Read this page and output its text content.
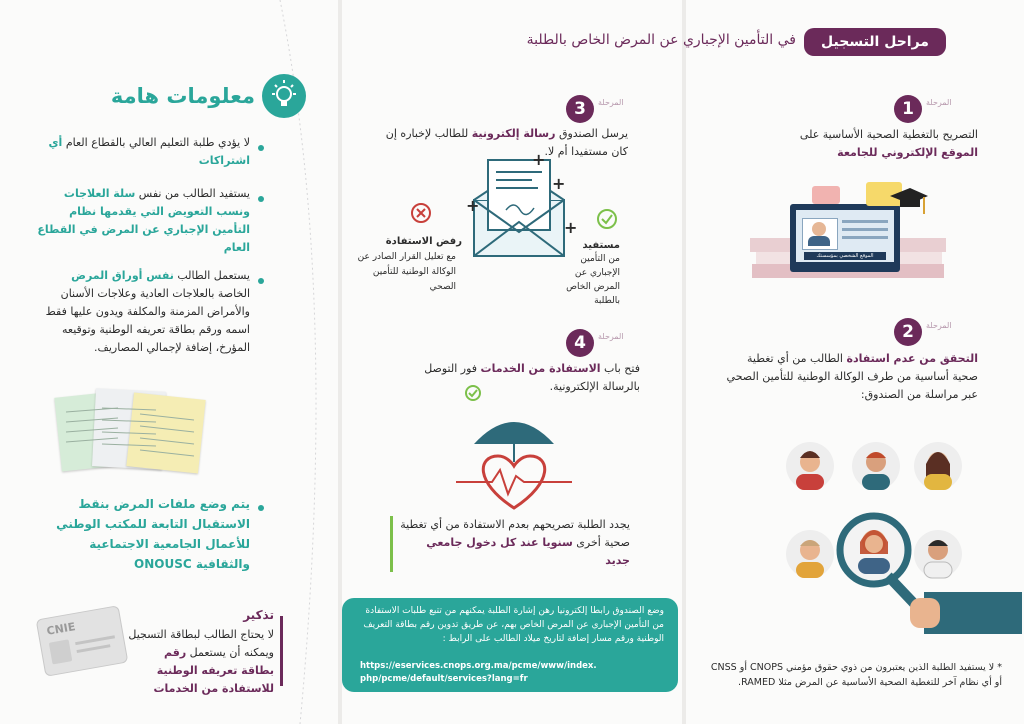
معلومات هامة
لا يؤدي طلبة التعليم العالي بالقطاع العام أي اشتراكات
يستفيد الطالب من نفس سلة العلاجات ونسب التعويض التي يقدمها نظام التأمين الإجباري عن المرض في القطاع العام
يستعمل الطالب نفس أوراق المرض الخاصة بالعلاجات العادية وعلاجات الأسنان والأمراض المزمنة والمكلفة ويدون عليها فقط اسمه ورقم بطاقة تعريفه الوطنية وتوقيعه المؤرخ، إضافة لإجمالي المصاريف.
يتم وضع ملفات المرض بنقط الاستقبال التابعة للمكتب الوطني للأعمال الجامعية الاجتماعية والثقافية ONOUSC
CNIE
تذكير
لا يحتاج الطالب لبطاقة التسجيل ويمكنه أن يستعمل رقم بطاقة تعريفه الوطنية للاستفادة من الخدمات
3	المرحلة
يرسل الصندوق رسالة إلكترونية للطالب لإخباره إن كان مستفيدا أم لا.
+
+
+
+
رفض الاستفادة
مع تعليل القرار الصادر عن الوكالة الوطنية للتأمين الصحي
مستفيد
من التأمين الإجباري عن المرض الخاص بالطلبة
4	المرحلة
فتح باب الاستفادة من الخدمات فور التوصل بالرسالة الإلكترونية.
يجدد الطلبة تصريحهم بعدم الاستفادة من أي تغطية صحية أخرى سنويا عند كل دخول جامعي جديد
وضع الصندوق رابطا إلكترونيا رهن إشارة الطلبة يمكنهم من تتبع طلبات الاستفادة من التأمين الإجباري عن المرض الخاص بهم، عن طريق تدوين رقم بطاقة التعريف الوطنية ورقم مسار إضافة لتاريخ ميلاد الطالب على الرابط :
https://eservices.cnops.org.ma/pcme/www/index.
php/pcme/default/services?lang=fr
مراحل التسجيل
في التأمين الإجباري عن المرض الخاص بالطلبة
1	المرحلة
التصريح بالتغطية الصحية الأساسية على
الموقع الإلكتروني للجامعة
الموقع الشخصي بمؤسستك
2	المرحلة
التحقق من عدم استفادة الطالب من أي تغطية صحية أساسية من طرف الوكالة الوطنية للتأمين الصحي عبر مراسلة من الصندوق:
* لا يستفيد الطلبة الذين يعتبرون من ذوي حقوق مؤمني CNOPS أو CNSS أو أي نظام آخر للتغطية الصحية الأساسية عن المرض مثلا RAMED.
